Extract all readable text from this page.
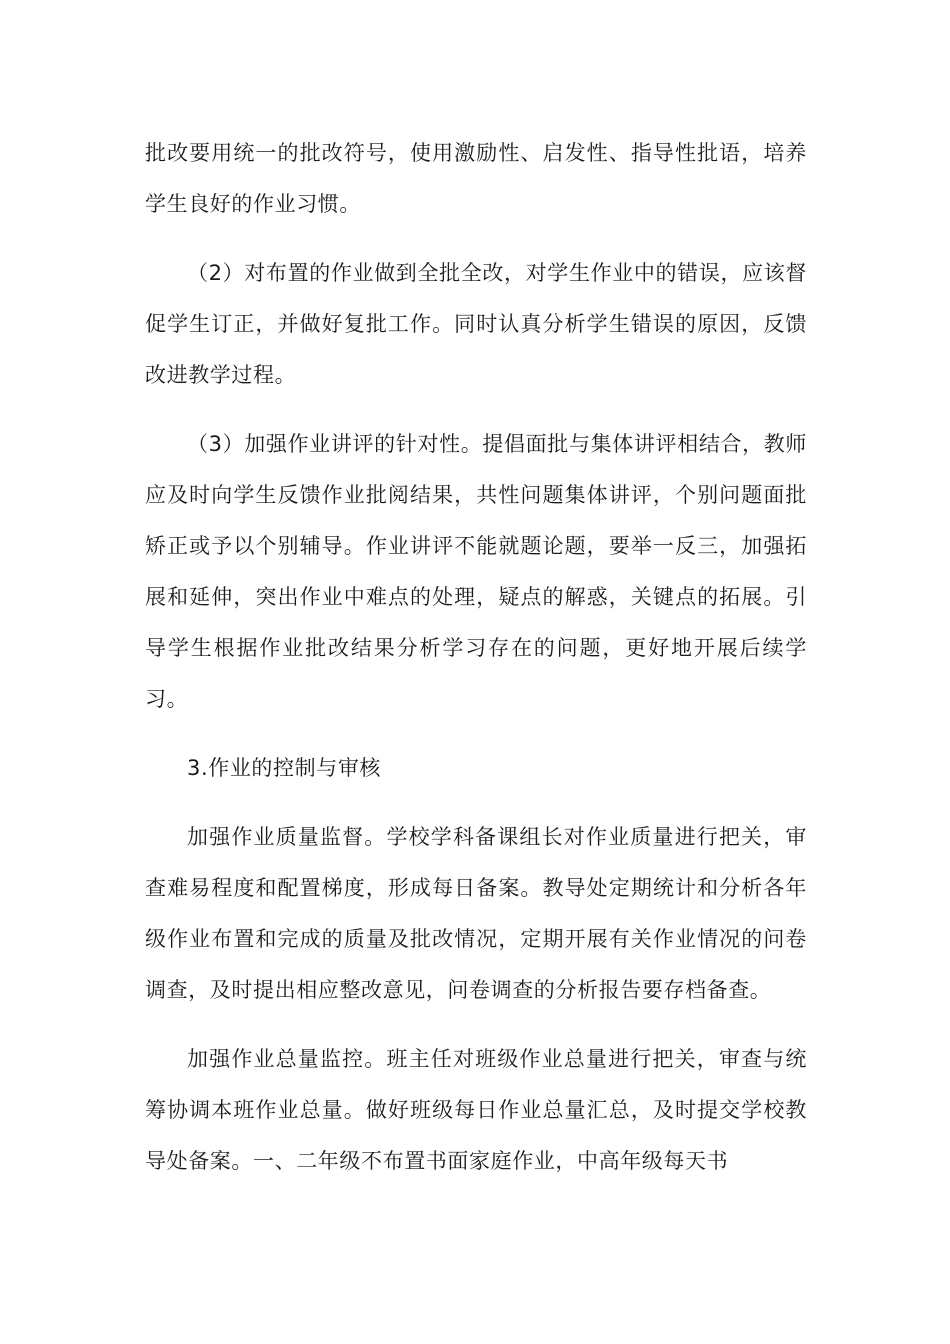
批改要用统一的批改符号，使用激励性、启发性、指导性批语，培养学生良好的作业习惯。

（2）对布置的作业做到全批全改，对学生作业中的错误，应该督促学生订正，并做好复批工作。同时认真分析学生错误的原因，反馈改进教学过程。

（3）加强作业讲评的针对性。提倡面批与集体讲评相结合，教师应及时向学生反馈作业批阅结果，共性问题集体讲评，个别问题面批矫正或予以个别辅导。作业讲评不能就题论题，要举一反三，加强拓展和延伸，突出作业中难点的处理，疑点的解惑，关键点的拓展。引导学生根据作业批改结果分析学习存在的问题，更好地开展后续学习。

3.作业的控制与审核

加强作业质量监督。学校学科备课组长对作业质量进行把关，审查难易程度和配置梯度，形成每日备案。教导处定期统计和分析各年级作业布置和完成的质量及批改情况，定期开展有关作业情况的问卷调查，及时提出相应整改意见，问卷调查的分析报告要存档备查。

加强作业总量监控。班主任对班级作业总量进行把关，审查与统筹协调本班作业总量。做好班级每日作业总量汇总，及时提交学校教导处备案。一、二年级不布置书面家庭作业，中高年级每天书
